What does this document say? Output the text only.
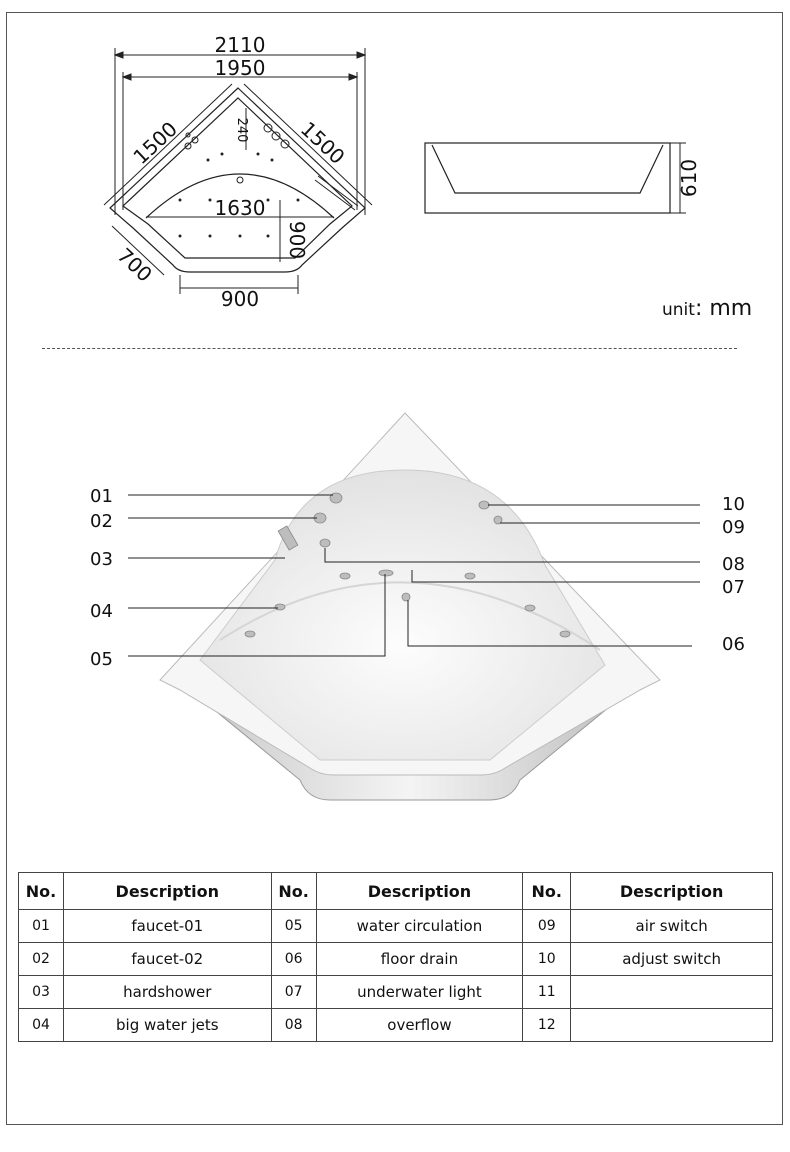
2110
1950
1500	1500
240
1630
900
700
900
610
unit: mm
01
02
03
04
05
10
09
08
07
06
No.	Description	No.	Description	No.	Description
01	faucet-01	05	water circulation	09	air switch
02	faucet-02	06	floor drain	10	adjust switch
03	hardshower	07	underwater light	11	
04	big water jets	08	overflow	12	
